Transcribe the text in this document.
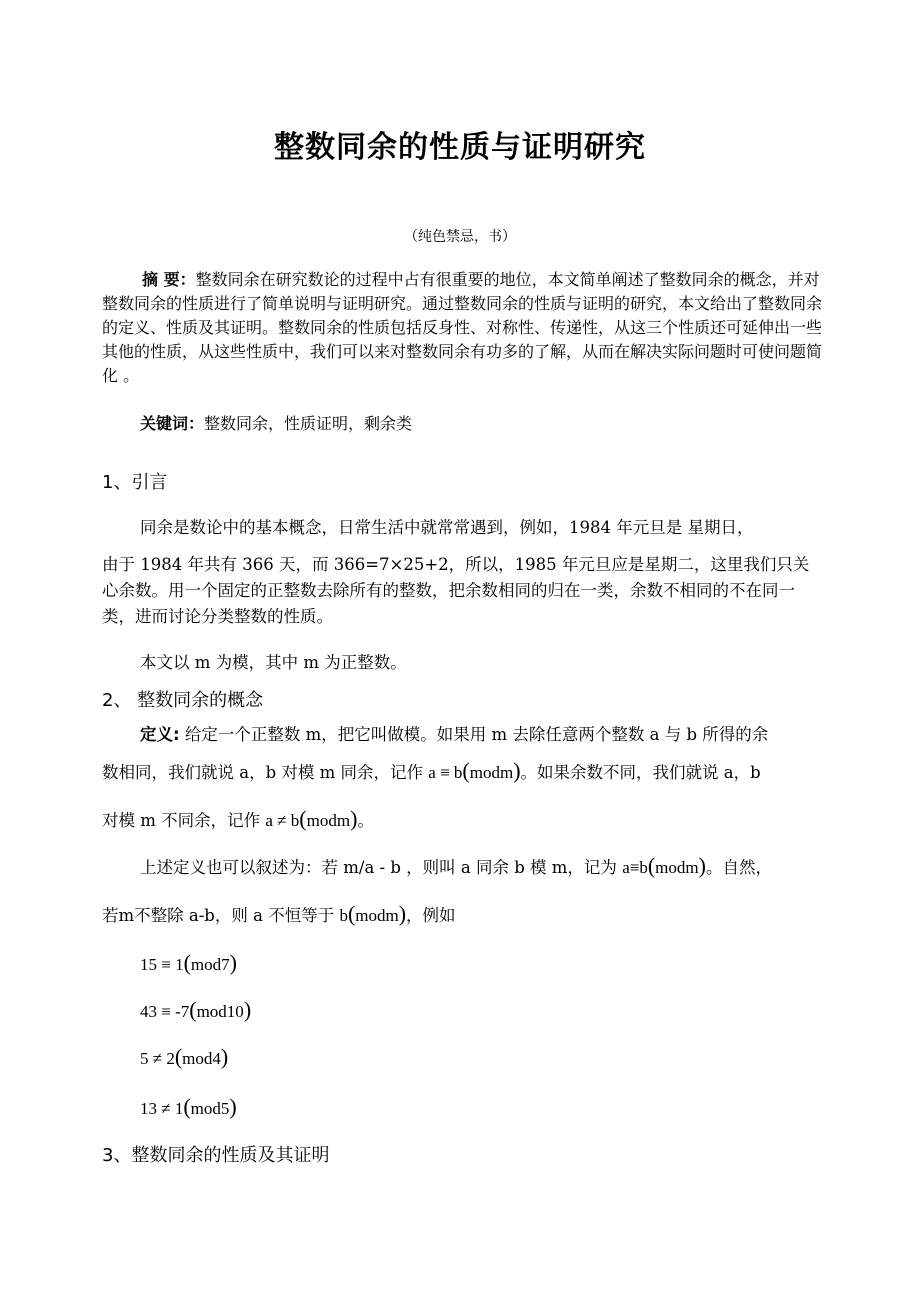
整数同余的性质与证明研究
（纯色禁忌，书）
摘 要：整数同余在研究数论的过程中占有很重要的地位，本文简单阐述了整数同余的概念，并对整数同余的性质进行了简单说明与证明研究。通过整数同余的性质与证明的研究，本文给出了整数同余的定义、性质及其证明。整数同余的性质包括反身性、对称性、传递性，从这三个性质还可延伸出一些其他的性质，从这些性质中，我们可以来对整数同余有功多的了解，从而在解决实际问题时可使问题简化 。
关键词：整数同余，性质证明，剩余类
1、引言
同余是数论中的基本概念，日常生活中就常常遇到，例如，1984 年元旦是 星期日，
由于 1984 年共有 366 天，而 366=7×25+2，所以，1985 年元旦应是星期二，这里我们只关心余数。用一个固定的正整数去除所有的整数，把余数相同的归在一类，余数不相同的不在同一类，进而讨论分类整数的性质。
本文以 m 为模，其中 m 为正整数。
2、 整数同余的概念
定义: 给定一个正整数 m，把它叫做模。如果用 m 去除任意两个整数 a 与 b 所得的余
数相同，我们就说 a，b 对模 m 同余，记作 a ≡ b(modm)。如果余数不同，我们就说 a，b
对模 m 不同余，记作 a ≠ b(modm)。
上述定义也可以叙述为：若 m/a - b ，则叫 a 同余 b 模 m，记为 a≡b(modm)。自然，
若m不整除 a-b，则 a 不恒等于 b(modm)，例如
15 ≡ 1(mod7)
43 ≡ -7(mod10)
5 ≠ 2(mod4)
13 ≠ 1(mod5)
3、整数同余的性质及其证明
